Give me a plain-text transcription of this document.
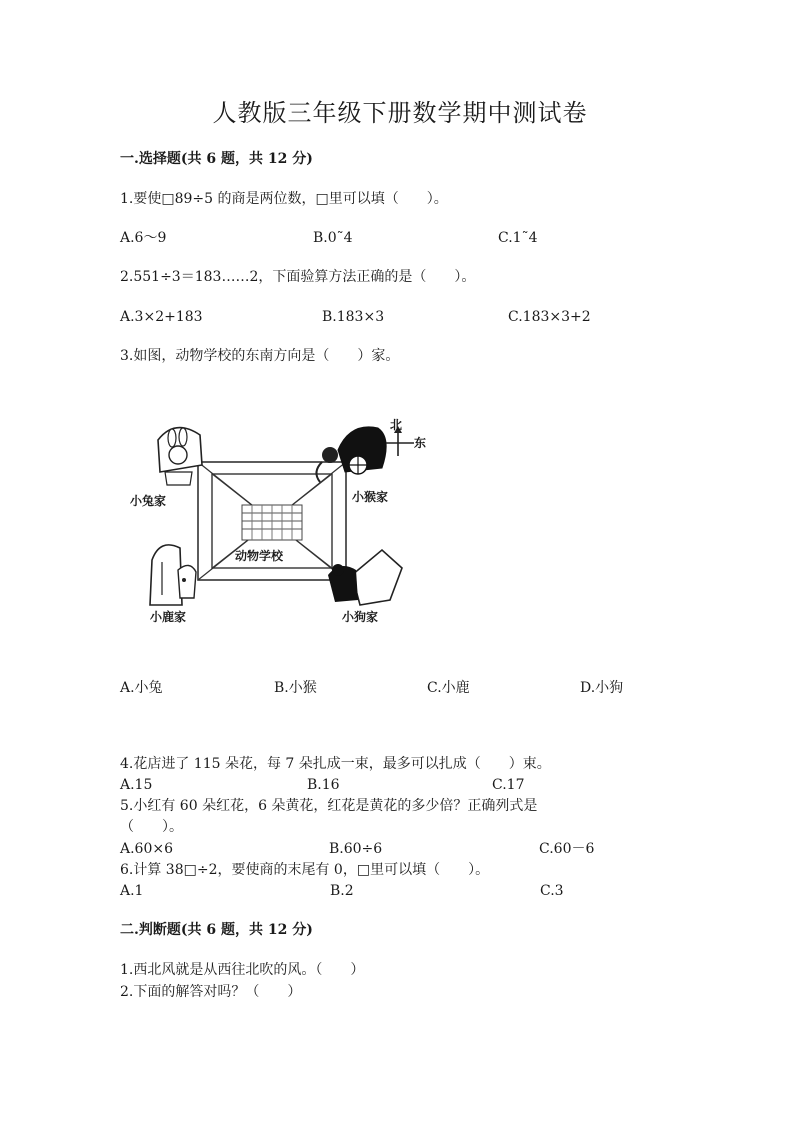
人教版三年级下册数学期中测试卷
一.选择题(共 6 题，共 12 分)
1.要使□89÷5 的商是两位数，□里可以填（　　）。
A.6～9	B.0˜4	C.1˜4
2.551÷3＝183……2，下面验算方法正确的是（　　）。
A.3×2+183	B.183×3	C.183×3+2
3.如图，动物学校的东南方向是（　　）家。
北
东
小兔家	小猴家
动物学校
小鹿家	小狗家
A.小兔	B.小猴	C.小鹿	D.小狗
4.花店进了 115 朵花，每 7 朵扎成一束，最多可以扎成（　　）束。
A.15	B.16	C.17
5.小红有 60 朵红花，6 朵黄花，红花是黄花的多少倍？正确列式是
（　　）。
A.60×6	B.60÷6	C.60－6
6.计算 38□÷2，要使商的末尾有 0，□里可以填（　　）。
A.1	B.2	C.3
二.判断题(共 6 题，共 12 分)
1.西北风就是从西往北吹的风。（　　）
2.下面的解答对吗？（　　）
